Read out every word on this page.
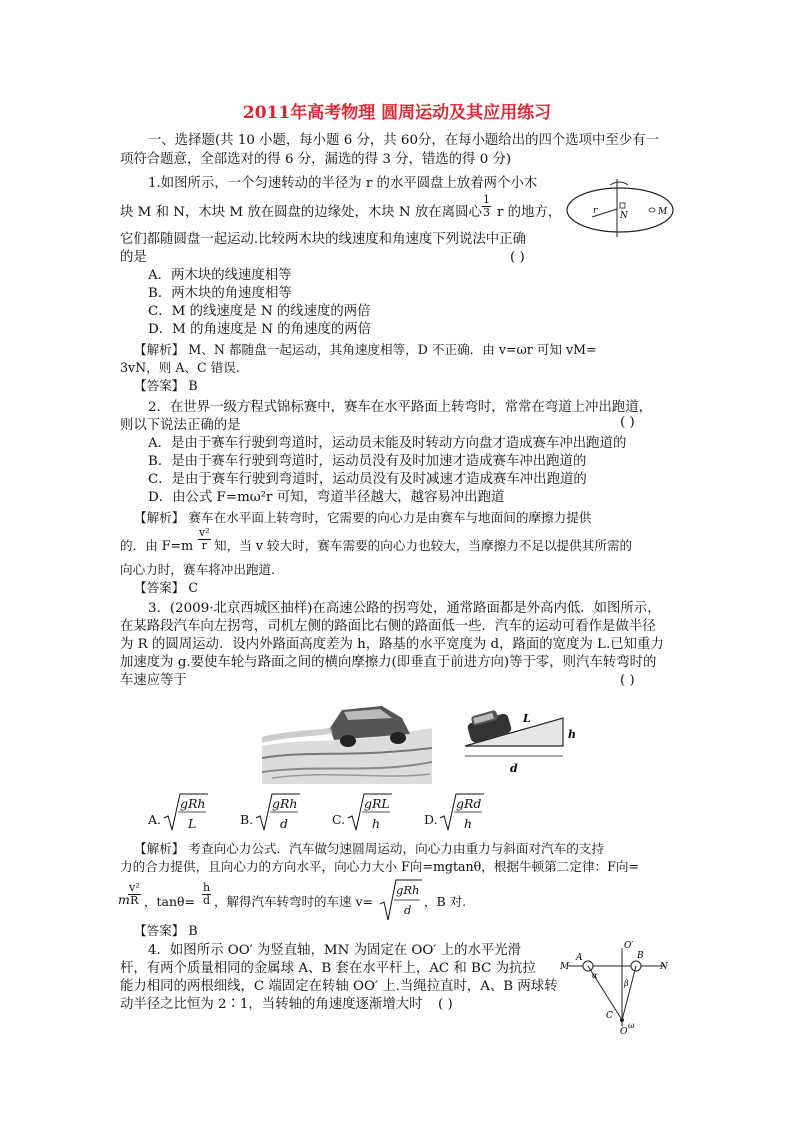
2011年高考物理 圆周运动及其应用练习
一、选择题(共 10 小题，每小题 6 分，共 60分，在每小题给出的四个选项中至少有一
项符合题意，全部选对的得 6 分，漏选的得 3 分，错选的得 0 分)
1.如图所示，一个匀速转动的半径为 r 的水平圆盘上放着两个小木
块 M 和 N，木块 M 放在圆盘的边缘处，木块 N 放在离圆心 $\frac{1}{3}$ r 的地方，
它们都随圆盘一起运动.比较两木块的线速度和角速度下列说法中正确
的是	( )
r	N	M
A．两木块的线速度相等
B．两木块的角速度相等
C．M 的线速度是 N 的线速度的两倍
D．M 的角速度是 N 的角速度的两倍
【解析】 M、N 都随盘一起运动，其角速度相等，D 不正确．由 v=ωr 可知 vM=
3vN，则 A、C 错误.
【答案】 B
2．在世界一级方程式锦标赛中，赛车在水平路面上转弯时，常常在弯道上冲出跑道，
则以下说法正确的是	( )
A．是由于赛车行驶到弯道时，运动员未能及时转动方向盘才造成赛车冲出跑道的
B．是由于赛车行驶到弯道时，运动员没有及时加速才造成赛车冲出跑道的
C．是由于赛车行驶到弯道时，运动员没有及时减速才造成赛车冲出跑道的
D．由公式 F=mω²r 可知，弯道半径越大，越容易冲出跑道
【解析】 赛车在水平面上转弯时，它需要的向心力是由赛车与地面间的摩擦力提供
的．由 $F=m \frac{\text{v²}}{r}$ 知，当 v 较大时，赛车需要的向心力也较大，当摩擦力不足以提供其所需的
向心力时，赛车将冲出跑道.
【答案】 C
3．(2009·北京西城区抽样)在高速公路的拐弯处，通常路面都是外高内低．如图所示，
在某路段汽车向左拐弯，司机左侧的路面比右侧的路面低一些．汽车的运动可看作是做半径
为 R 的圆周运动．设内外路面高度差为 h，路基的水平宽度为 d，路面的宽度为 L.已知重力
加速度为 g.要使车轮与路面之间的横向摩擦力(即垂直于前进方向)等于零，则汽车转弯时的
车速应等于	( )
L
h
d
A.
gRh
L	B.
gRh
d	C.
gRL
h	D.
gRd
h
【解析】 考查向心力公式．汽车做匀速圆周运动，向心力由重力与斜面对汽车的支持
力的合力提供，且向心力的方向水平，向心力大小 F向=mgtanθ，根据牛顿第二定律：F向=
m
$\frac{\text{v²}}{R}$ ，$\tan\theta= \frac{h}{d}$ ，解得汽车转弯时的车速 v=
gRh
d
，B 对.
【答案】 B
4．如图所示 OO′ 为竖直轴，MN 为固定在 OO′ 上的水平光滑
杆，有两个质量相同的金属球 A、B 套在水平杆上，AC 和 BC 为抗拉
能力相同的两根细线，C 端固定在转轴 OO′ 上.当绳拉直时，A、B 两球转
动半径之比恒为 2∶1，当转轴的角速度逐渐增大时 ( )
O′
B
M
A
α
β
N
C
O
ω
